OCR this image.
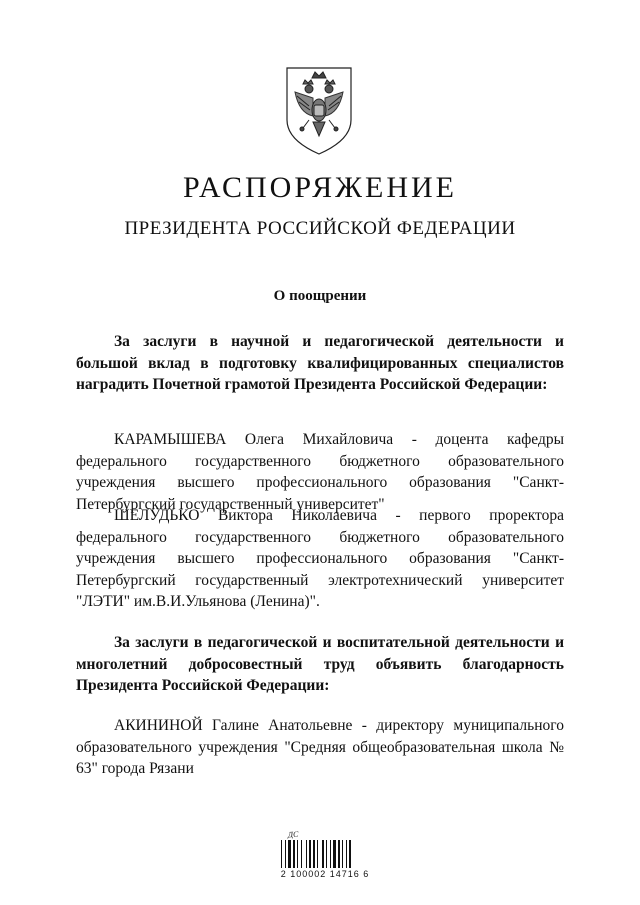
РАСПОРЯЖЕНИЕ
ПРЕЗИДЕНТА РОССИЙСКОЙ ФЕДЕРАЦИИ
О поощрении

За заслуги в научной и педагогической деятельности и большой вклад в подготовку квалифицированных специалистов наградить Почетной грамотой Президента Российской Федерации:

КАРАМЫШЕВА Олега Михайловича - доцента кафедры федерального государственного бюджетного образовательного учреждения высшего профессионального образования "Санкт-Петербургский государственный университет"

ШЕЛУДЬКО Виктора Николаевича - первого проректора федерального государственного бюджетного образовательного учреждения высшего профессионального образования "Санкт-Петербургский государственный электротехнический университет "ЛЭТИ" им.В.И.Ульянова (Ленина)".

За заслуги в педагогической и воспитательной деятельности и многолетний добросовестный труд объявить благодарность Президента Российской Федерации:

АКИНИНОЙ Галине Анатольевне - директору муниципального образовательного учреждения "Средняя общеобразовательная школа № 63" города Рязани

ДС
2 100002 14716 6
